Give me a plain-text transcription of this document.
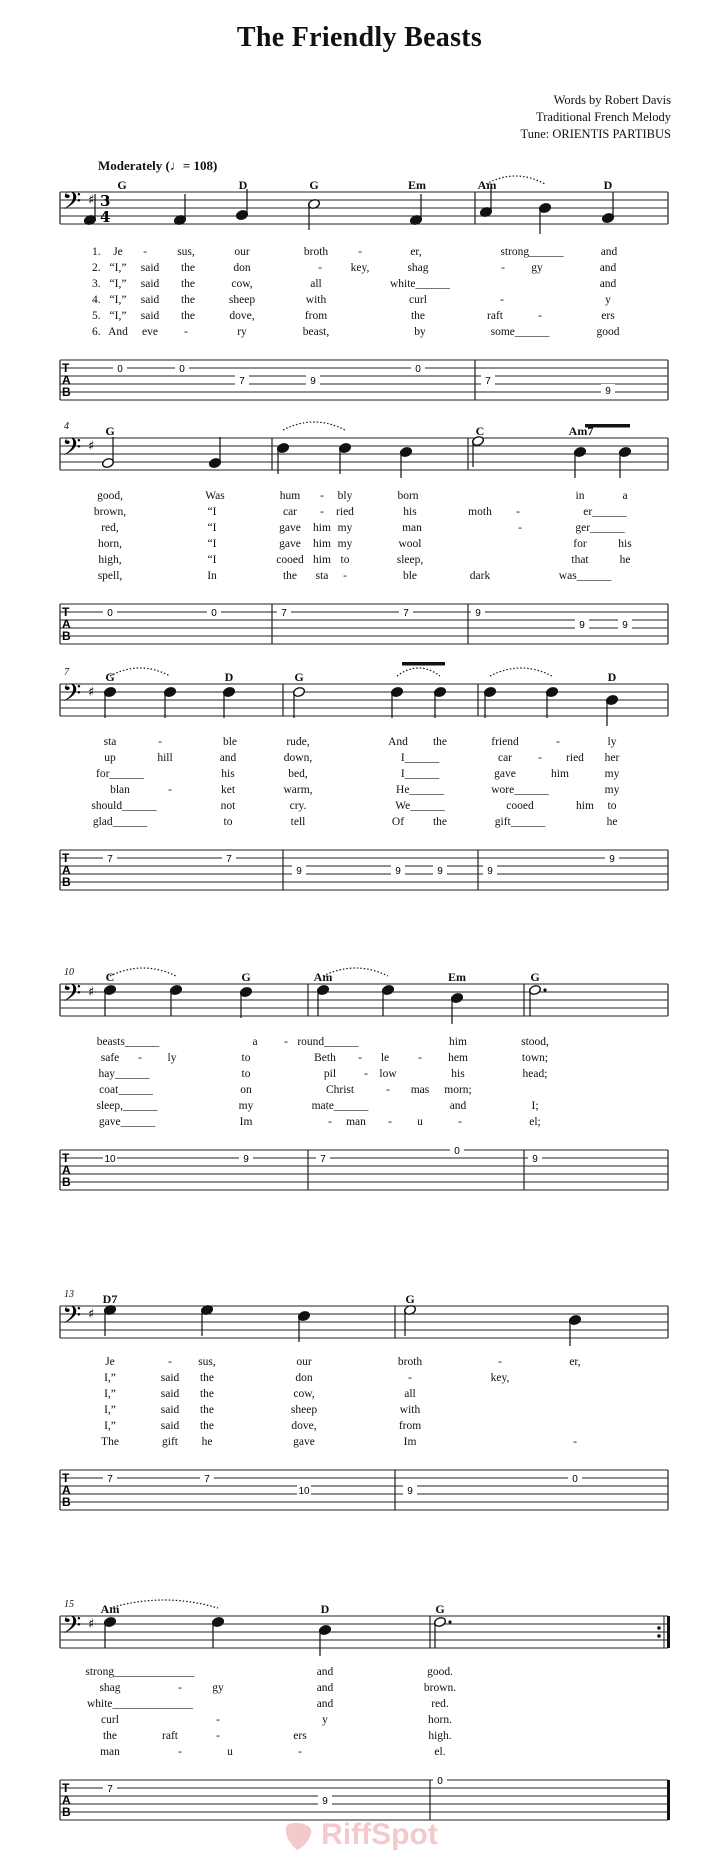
The Friendly Beasts
Words by Robert Davis
Traditional French Melody
Tune: ORIENTIS PARTIBUS
Moderately (♩= 108)
𝄢 ♯ 3
4
T
A
B
0	0
7	9
0
7
9
𝄢 ♯
T
A
B
0	0	7	7	9
9	9
𝄢 ♯
T
A
B
7	7
9	9	9	9
9
𝄢 ♯
T
A
B
10	9	7
0
9
𝄢 ♯
T
A
B
7	7
10	9
0
𝄢 ♯
T
A
B
7
9
0
G	D	G	Em	Am	D
1. Je -	sus,	our	broth	-	er,	strong______	and
2. “I,” said the	don	- key,	shag	- gy	and
3. “I,” said the	cow,	all	white______	and
4. “I,” said the	sheep	with	curl	-	y
5. “I,” said the	dove,	from	the	raft	-	ers
6. And eve -	ry	beast,	by	some______	good
4	G	C	Am7
good,	Was	hum - bly	born	in	a
brown,	“I	car - ried	his	moth -	er______
red,	“I	gave him my	man	-	ger______
horn,	“I	gave him my	wool	for	his
high,	“I	cooed him to	sleep,	that	he
spell,	In	the sta -	ble	dark	was______
7	G	D	G	D
sta	-	ble	rude,	And the	friend	-	ly
up	hill	and	down,	I______	car - ried her
for______	his	bed,	I______	gave	him	my
blan	-	ket	warm,	He______	wore______	my
should______	not	cry.	We______	cooed	him to
glad______	to	tell	Of	the	gift______	he
10	C	G	Am	Em	G
beasts______	a - round______	him	stood,
safe - ly	to	Beth - le	- hem	town;
hay______	to	pil - low	his	head;
coat______	on	Christ	- mas morn;
sleep,______	my	mate______	and	I;
gave______	Im	- man - u	-	el;
13 D7	G
Je	- sus,	our	broth	-	er,
I,”	said the	don	-	key,
I,”	said the	cow,	all
I,”	said the	sheep	with
I,”	said the	dove,	from
The	gift he	gave	Im	-
15 Am	D	G
strong______________	and	good.
shag	-	gy	and	brown.
white______________	and	red.
curl	-	y	horn.
the	raft	-	ers	high.
man	-	u	-	el.
RiffSpot
